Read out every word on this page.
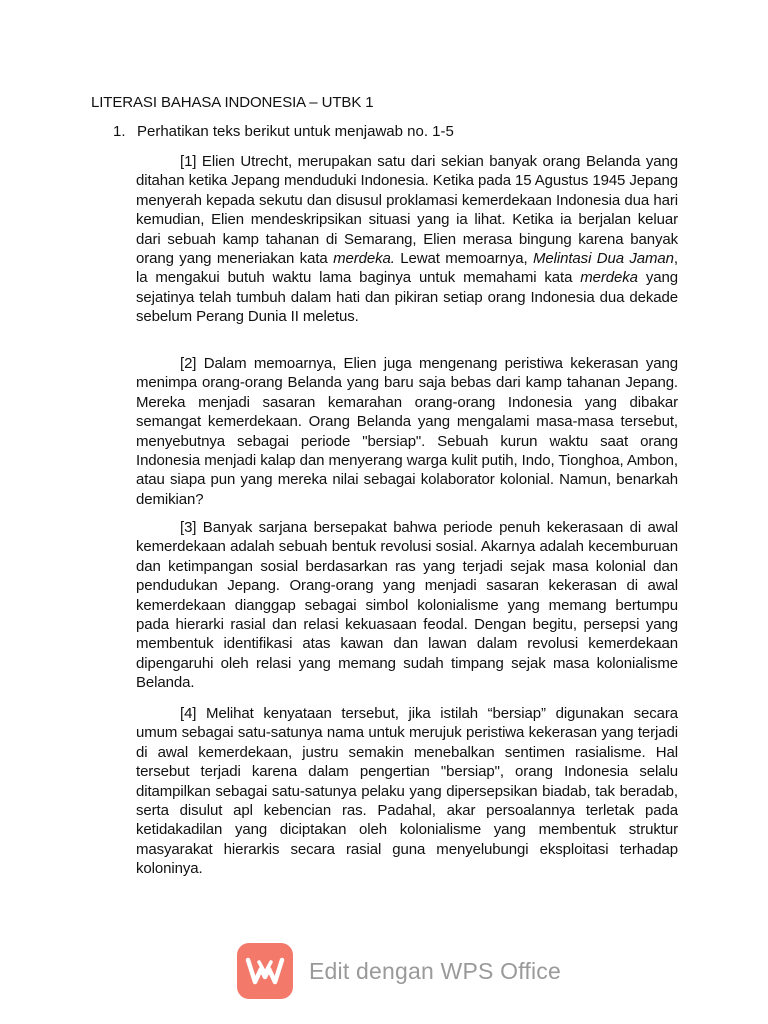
LITERASI BAHASA INDONESIA – UTBK 1
1. Perhatikan teks berikut untuk menjawab no. 1-5

[1] Elien Utrecht, merupakan satu dari sekian banyak orang Belanda yang ditahan ketika Jepang menduduki Indonesia. Ketika pada 15 Agustus 1945 Jepang menyerah kepada sekutu dan disusul proklamasi kemerdekaan Indonesia dua hari kemudian, Elien mendeskripsikan situasi yang ia lihat. Ketika ia berjalan keluar dari sebuah kamp tahanan di Semarang, Elien merasa bingung karena banyak orang yang meneriakan kata merdeka. Lewat memoarnya, Melintasi Dua Jaman, la mengakui butuh waktu lama baginya untuk memahami kata merdeka yang sejatinya telah tumbuh dalam hati dan pikiran setiap orang Indonesia dua dekade sebelum Perang Dunia II meletus.

[2] Dalam memoarnya, Elien juga mengenang peristiwa kekerasan yang menimpa orang-orang Belanda yang baru saja bebas dari kamp tahanan Jepang. Mereka menjadi sasaran kemarahan orang-orang Indonesia yang dibakar semangat kemerdekaan. Orang Belanda yang mengalami masa-masa tersebut, menyebutnya sebagai periode "bersiap". Sebuah kurun waktu saat orang Indonesia menjadi kalap dan menyerang warga kulit putih, Indo, Tionghoa, Ambon, atau siapa pun yang mereka nilai sebagai kolaborator kolonial. Namun, benarkah demikian?

[3] Banyak sarjana bersepakat bahwa periode penuh kekerasaan di awal kemerdekaan adalah sebuah bentuk revolusi sosial. Akarnya adalah kecemburuan dan ketimpangan sosial berdasarkan ras yang terjadi sejak masa kolonial dan pendudukan Jepang. Orang-orang yang menjadi sasaran kekerasan di awal kemerdekaan dianggap sebagai simbol kolonialisme yang memang bertumpu pada hierarki rasial dan relasi kekuasaan feodal. Dengan begitu, persepsi yang membentuk identifikasi atas kawan dan lawan dalam revolusi kemerdekaan dipengaruhi oleh relasi yang memang sudah timpang sejak masa kolonialisme Belanda.

[4] Melihat kenyataan tersebut, jika istilah “bersiap” digunakan secara umum sebagai satu-satunya nama untuk merujuk peristiwa kekerasan yang terjadi di awal kemerdekaan, justru semakin menebalkan sentimen rasialisme. Hal tersebut terjadi karena dalam pengertian "bersiap", orang Indonesia selalu ditampilkan sebagai satu-satunya pelaku yang dipersepsikan biadab, tak beradab, serta disulut apl kebencian ras. Padahal, akar persoalannya terletak pada ketidakadilan yang diciptakan oleh kolonialisme yang membentuk struktur masyarakat hierarkis secara rasial guna menyelubungi eksploitasi terhadap koloninya.

Edit dengan WPS Office
